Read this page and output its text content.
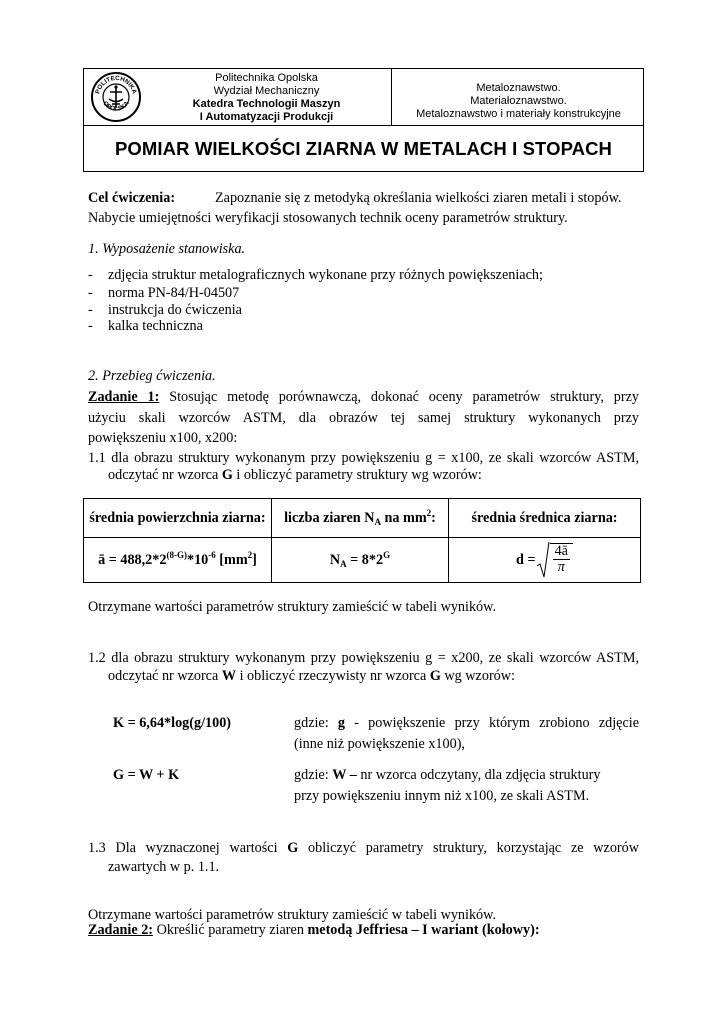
POLITECHNIKA
OPOLSKA
Politechnika Opolska
Wydział Mechaniczny
Katedra Technologii Maszyn
I Automatyzacji Produkcji
Metaloznawstwo.
Materiałoznawstwo.
Metaloznawstwo i materiały konstrukcyjne
POMIAR WIELKOŚCI ZIARNA W METALACH I STOPACH
Cel ćwiczenia:	Zapoznanie się z metodyką określania wielkości ziaren metali i stopów.
Nabycie umiejętności weryfikacji stosowanych technik oceny parametrów struktury.
1. Wyposażenie stanowiska.
- zdjęcia struktur metalograficznych wykonane przy różnych powiększeniach;
- norma PN-84/H-04507
- instrukcja do ćwiczenia
- kalka techniczna
2. Przebieg ćwiczenia.
Zadanie 1: Stosując metodę porównawczą, dokonać oceny parametrów struktury, przy
użyciu skali wzorców ASTM, dla obrazów tej samej struktury wykonanych przy
powiększeniu x100, x200:
1.1 dla obrazu struktury wykonanym przy powiększeniu g = x100, ze skali wzorców ASTM,
odczytać nr wzorca G i obliczyć parametry struktury wg wzorów:
średnia powierzchnia ziarna:	liczba ziaren $N_A$ na $mm^2$:	średnia średnica ziarna:
ā = $488,2*2^{(8-G)}*10^{-6}$ $[mm^2]$	$N_A = 8*2^G$	$d = \frac{4ā}{\pi}$
Otrzymane wartości parametrów struktury zamieścić w tabeli wyników.
1.2 dla obrazu struktury wykonanym przy powiększeniu g = x200, ze skali wzorców ASTM,
odczytać nr wzorca W i obliczyć rzeczywisty nr wzorca G wg wzorów:
K = 6,64*log(g/100)	gdzie: g - powiększenie przy którym zrobiono zdjęcie
(inne niż powiększenie x100),
G = W + K	gdzie: W – nr wzorca odczytany, dla zdjęcia struktury
przy powiększeniu innym niż x100, ze skali ASTM.
1.3 Dla wyznaczonej wartości G obliczyć parametry struktury, korzystając ze wzorów
zawartych w p. 1.1.
Otrzymane wartości parametrów struktury zamieścić w tabeli wyników.
Zadanie 2: Określić parametry ziaren metodą Jeffriesa – I wariant (kołowy):
